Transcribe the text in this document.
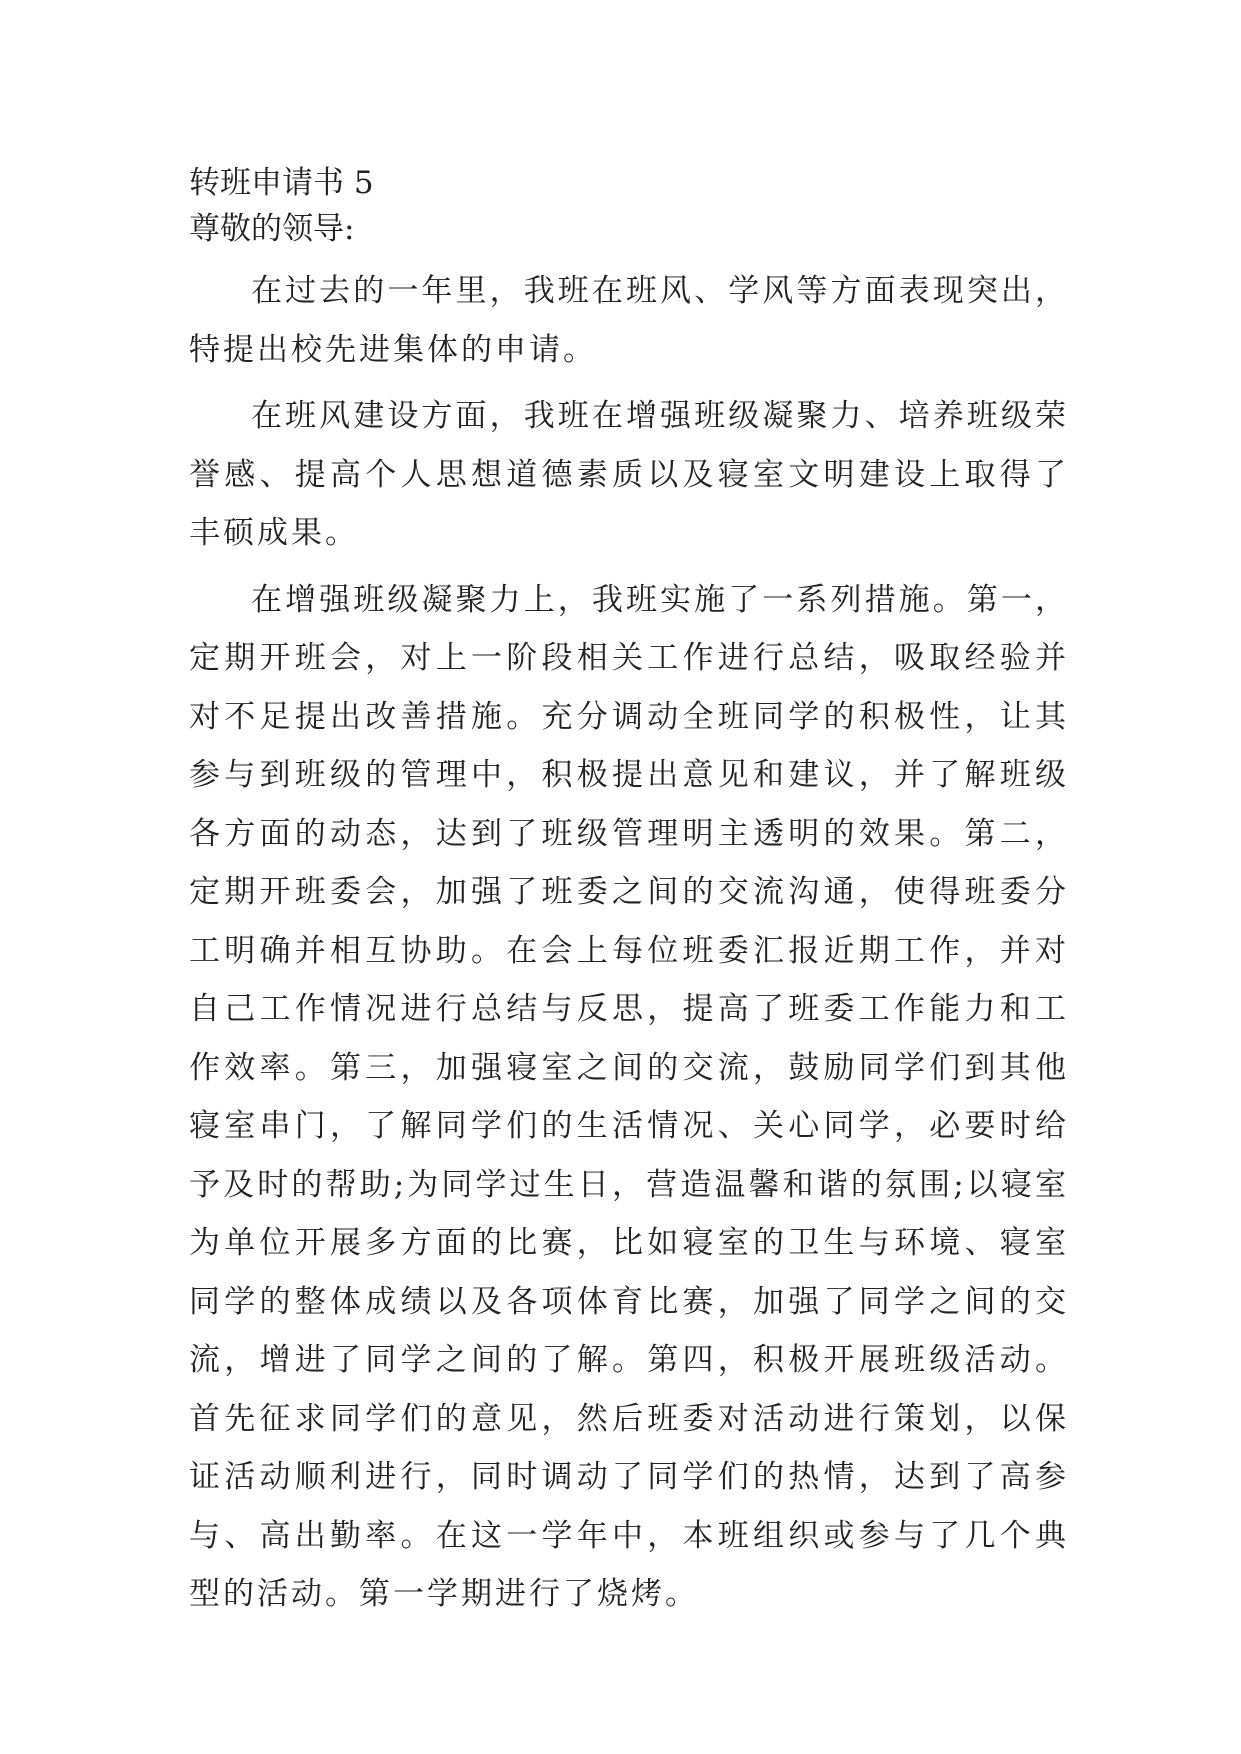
转班申请书 5

尊敬的领导:

在过去的一年里，我班在班风、学风等方面表现突出，特提出校先进集体的申请。

在班风建设方面，我班在增强班级凝聚力、培养班级荣誉感、提高个人思想道德素质以及寝室文明建设上取得了丰硕成果。

在增强班级凝聚力上，我班实施了一系列措施。第一，定期开班会，对上一阶段相关工作进行总结，吸取经验并对不足提出改善措施。充分调动全班同学的积极性，让其参与到班级的管理中，积极提出意见和建议，并了解班级各方面的动态，达到了班级管理明主透明的效果。第二，定期开班委会，加强了班委之间的交流沟通，使得班委分工明确并相互协助。在会上每位班委汇报近期工作，并对自己工作情况进行总结与反思，提高了班委工作能力和工作效率。第三，加强寝室之间的交流，鼓励同学们到其他寝室串门，了解同学们的生活情况、关心同学，必要时给予及时的帮助;为同学过生日，营造温馨和谐的氛围;以寝室为单位开展多方面的比赛，比如寝室的卫生与环境、寝室同学的整体成绩以及各项体育比赛，加强了同学之间的交流，增进了同学之间的了解。第四，积极开展班级活动。首先征求同学们的意见，然后班委对活动进行策划，以保证活动顺利进行，同时调动了同学们的热情，达到了高参与、高出勤率。在这一学年中，本班组织或参与了几个典型的活动。第一学期进行了烧烤。
